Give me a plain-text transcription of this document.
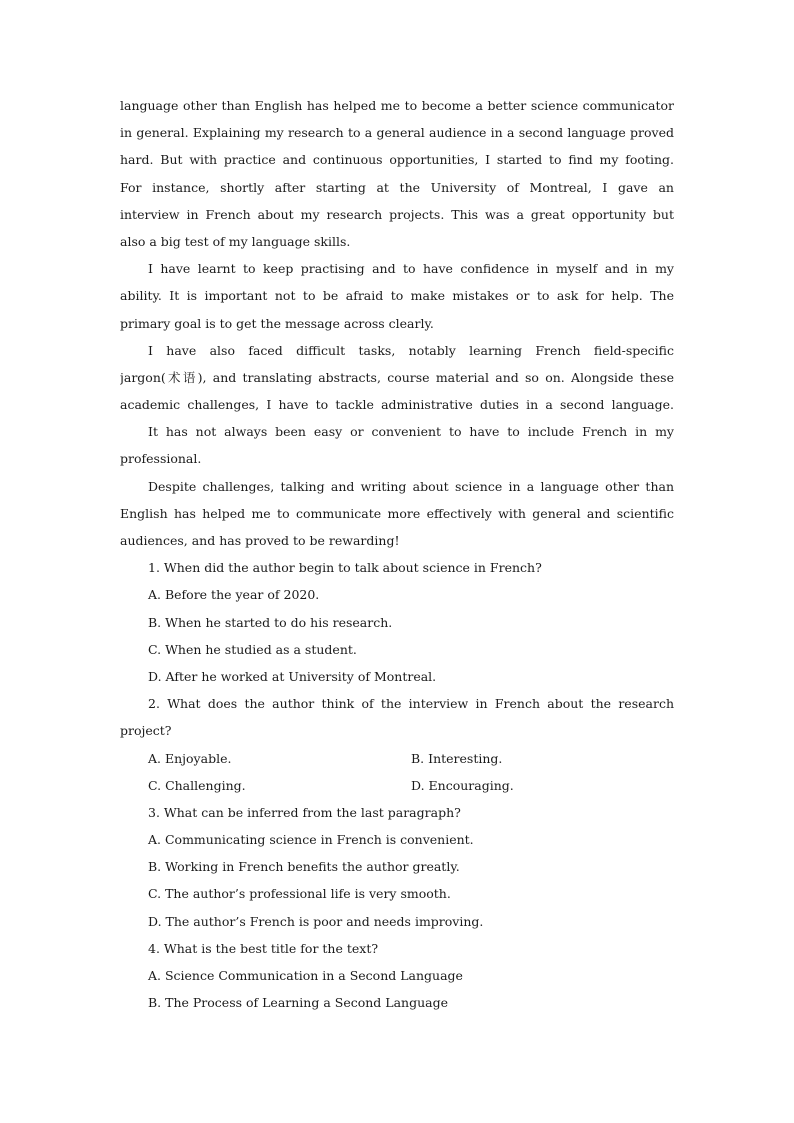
language other than English has helped me to become a better science communicator
in general. Explaining my research to a general audience in a second language proved
hard. But with practice and continuous opportunities, I started to find my footing.
For instance, shortly after starting at the University of Montreal, I gave an
interview in French about my research projects. This was a great opportunity but
also a big test of my language skills.
I have learnt to keep practising and to have confidence in myself and in my
ability. It is important not to be afraid to make mistakes or to ask for help. The
primary goal is to get the message across clearly.
I have also faced difficult tasks, notably learning French field-specific
jargon(术语), and translating abstracts, course material and so on. Alongside these
academic challenges, I have to tackle administrative duties in a second language.
It has not always been easy or convenient to have to include French in my
professional.
Despite challenges, talking and writing about science in a language other than
English has helped me to communicate more effectively with general and scientific
audiences, and has proved to be rewarding!
1. When did the author begin to talk about science in French?
A. Before the year of 2020.
B. When he started to do his research.
C. When he studied as a student.
D. After he worked at University of Montreal.
2. What does the author think of the interview in French about the research
project?
A. Enjoyable.	B. Interesting.
C. Challenging.	D. Encouraging.
3. What can be inferred from the last paragraph?
A. Communicating science in French is convenient.
B. Working in French benefits the author greatly.
C. The author’s professional life is very smooth.
D. The author’s French is poor and needs improving.
4. What is the best title for the text?
A. Science Communication in a Second Language
B. The Process of Learning a Second Language
